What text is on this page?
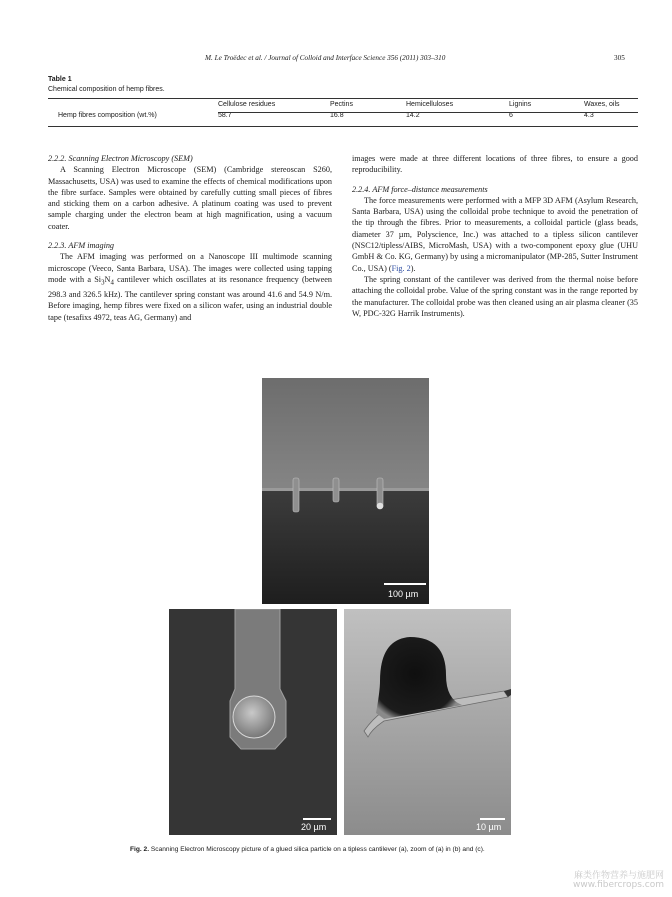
M. Le Troëdec et al. / Journal of Colloid and Interface Science 356 (2011) 303–310	305
Table 1
Chemical composition of hemp fibres.
	Cellulose residues	Pectins	Hemicelluloses	Lignins	Waxes, oils
Hemp fibres composition (wt.%)	58.7	16.8	14.2	6	4.3
2.2.2. Scanning Electron Microscopy (SEM)

A Scanning Electron Microscope (SEM) (Cambridge stereoscan S260, Massachusetts, USA) was used to examine the effects of chemical modifications upon the fibre surface. Samples were obtained by carefully cutting small pieces of fibres and sticking them on a carbon adhesive. A platinum coating was used to prevent sample charging under the electron beam at high magnification, using a vacuum coater.

2.2.3. AFM imaging

The AFM imaging was performed on a Nanoscope III multimode scanning microscope (Veeco, Santa Barbara, USA). The images were collected using tapping mode with a $Si_3N_4$ cantilever which oscillates at its resonance frequency (between 298.3 and 326.5 kHz). The cantilever spring constant was around 41.6 and 54.9 N/m. Before imaging, hemp fibres were fixed on a silicon wafer, using an industrial double tape (tesafixs 4972, teas AG, Germany) and

images were made at three different locations of three fibres, to ensure a good reproducibility.

2.2.4. AFM force–distance measurements

The force measurements were performed with a MFP 3D AFM (Asylum Research, Santa Barbara, USA) using the colloidal probe technique to avoid the penetration of the tip through the fibres. Prior to measurements, a colloidal particle (glass beads, diameter 37 µm, Polyscience, Inc.) was attached to a tipless silicon cantilever (NSC12/tipless/AIBS, MicroMash, USA) with a two-component epoxy glue (UHU GmbH & Co. KG, Germany) by using a micromanipulator (MP-285, Sutter Instrument Co., USA) (Fig. 2).

The spring constant of the cantilever was derived from the thermal noise before attaching the colloidal probe. Value of the spring constant was in the range reported by the manufacturer. The colloidal probe was then cleaned using an air plasma cleaner (35 W, PDC-32G Harrik Instruments).

100 µm
20 µm	10 µm
Fig. 2. Scanning Electron Microscopy picture of a glued silica particle on a tipless cantilever (a), zoom of (a) in (b) and (c).
麻类作物营养与施肥网
www.fibercrops.com
